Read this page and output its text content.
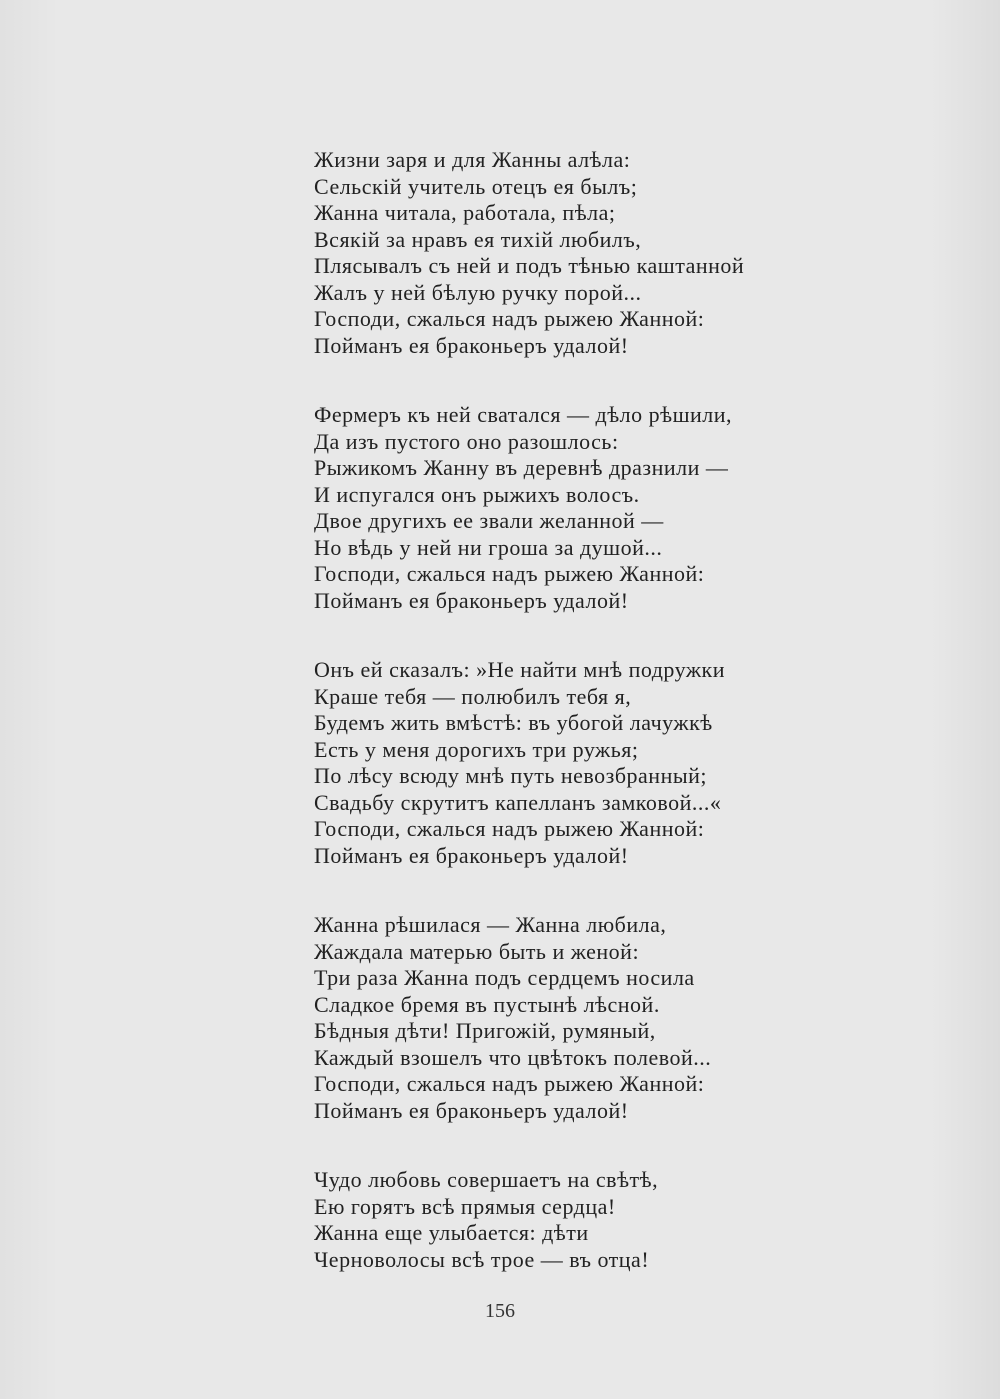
Жизни заря и для Жанны алѣла:
Сельскій учитель отецъ ея былъ;
Жанна читала, работала, пѣла;
Всякій за нравъ ея тихій любилъ,
Плясывалъ съ ней и подъ тѣнью каштанной
Жалъ у ней бѣлую ручку порой...
Господи, сжалься надъ рыжею Жанной:
Пойманъ ея браконьеръ удалой!
Фермеръ къ ней сватался — дѣло рѣшили,
Да изъ пустого оно разошлось:
Рыжикомъ Жанну въ деревнѣ дразнили —
И испугался онъ рыжихъ волосъ.
Двое другихъ ее звали желанной —
Но вѣдь у ней ни гроша за душой...
Господи, сжалься надъ рыжею Жанной:
Пойманъ ея браконьеръ удалой!
Онъ ей сказалъ: »Не найти мнѣ подружки
Краше тебя — полюбилъ тебя я,
Будемъ жить вмѣстѣ: въ убогой лачужкѣ
Есть у меня дорогихъ три ружья;
По лѣсу всюду мнѣ путь невозбранный;
Свадьбу скрутитъ капелланъ замковой...«
Господи, сжалься надъ рыжею Жанной:
Пойманъ ея браконьеръ удалой!
Жанна рѣшилася — Жанна любила,
Жаждала матерью быть и женой:
Три раза Жанна подъ сердцемъ носила
Сладкое бремя въ пустынѣ лѣсной.
Бѣдныя дѣти! Пригожій, румяный,
Каждый взошелъ что цвѣтокъ полевой...
Господи, сжалься надъ рыжею Жанной:
Пойманъ ея браконьеръ удалой!
Чудо любовь совершаетъ на свѣтѣ,
Ею горятъ всѣ прямыя сердца!
Жанна еще улыбается: дѣти
Черноволосы всѣ трое — въ отца!
156
